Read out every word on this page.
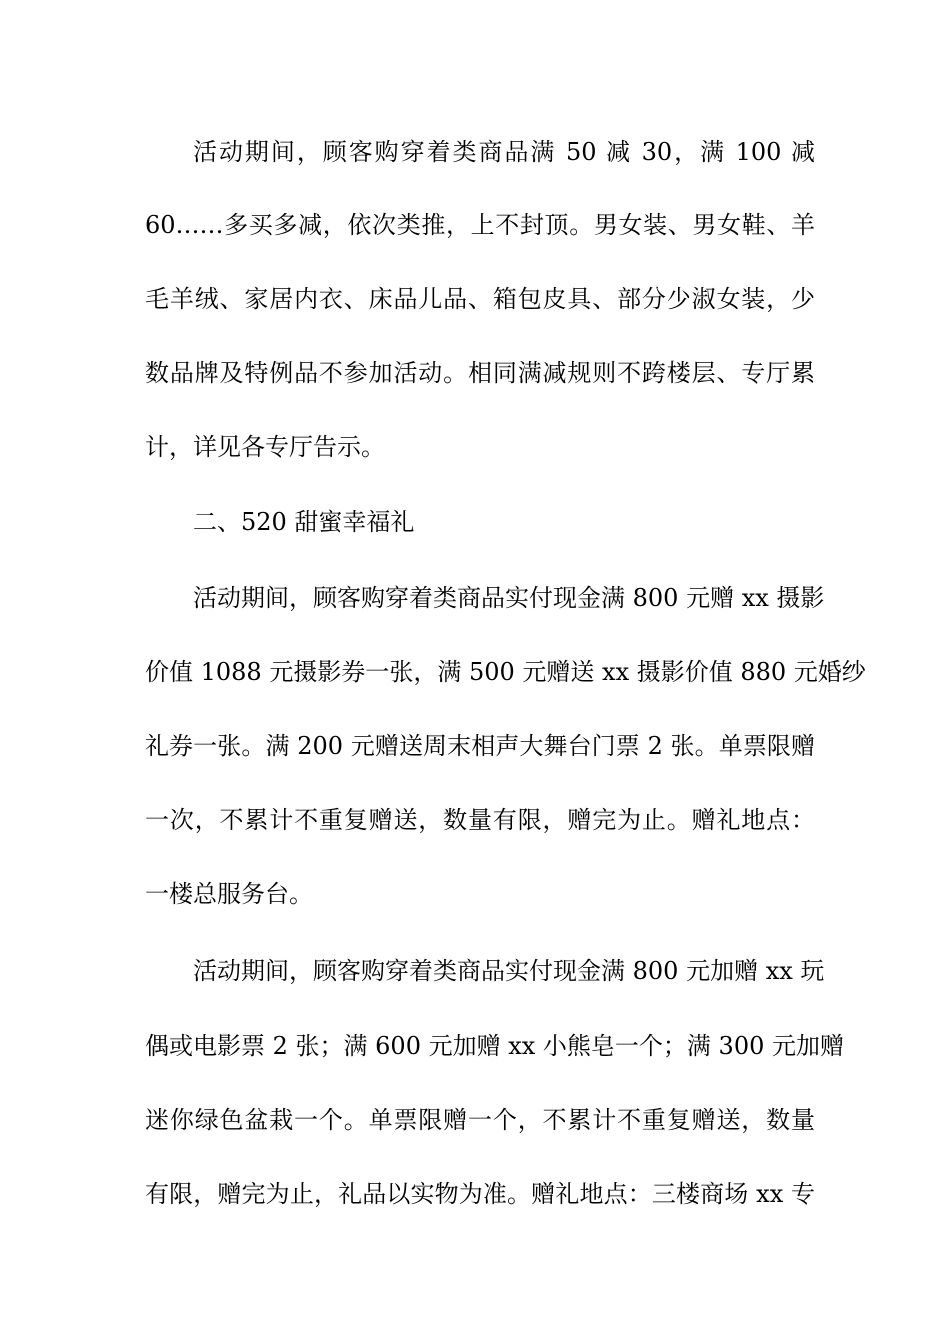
活动期间，顾客购穿着类商品满 50 减 30，满 100 减
60……多买多减，依次类推，上不封顶。男女装、男女鞋、羊
毛羊绒、家居内衣、床品儿品、箱包皮具、部分少淑女装，少
数品牌及特例品不参加活动。相同满减规则不跨楼层、专厅累
计，详见各专厅告示。
二、520 甜蜜幸福礼
活动期间，顾客购穿着类商品实付现金满 800 元赠 xx 摄影
价值 1088 元摄影券一张，满 500 元赠送 xx 摄影价值 880 元婚纱
礼券一张。满 200 元赠送周末相声大舞台门票 2 张。单票限赠
一次，不累计不重复赠送，数量有限，赠完为止。赠礼地点：
一楼总服务台。
活动期间，顾客购穿着类商品实付现金满 800 元加赠 xx 玩
偶或电影票 2 张；满 600 元加赠 xx 小熊皂一个；满 300 元加赠
迷你绿色盆栽一个。单票限赠一个，不累计不重复赠送，数量
有限，赠完为止，礼品以实物为准。赠礼地点：三楼商场 xx 专
